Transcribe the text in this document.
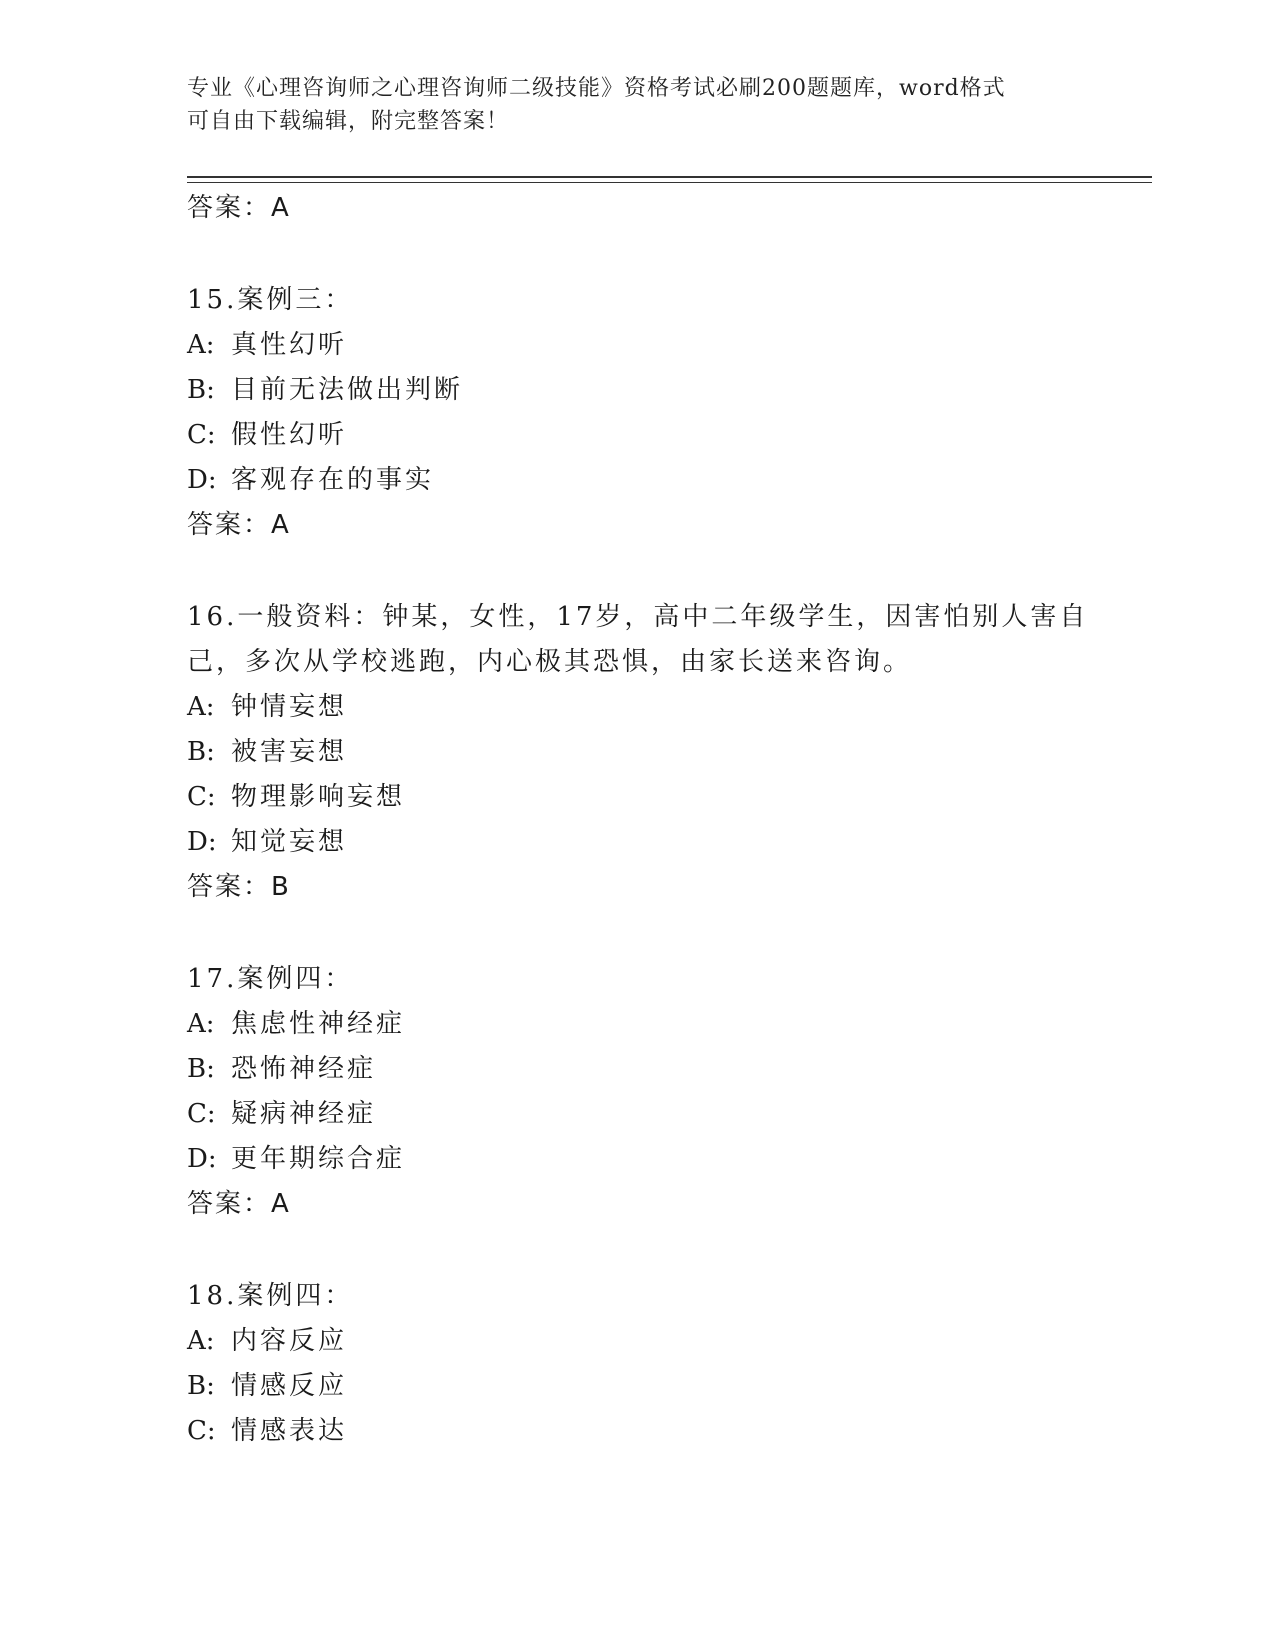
专业《心理咨询师之心理咨询师二级技能》资格考试必刷200题题库，word格式
可自由下载编辑，附完整答案！
答案：A
15.案例三：
A: 真性幻听
B: 目前无法做出判断
C: 假性幻听
D: 客观存在的事实
答案：A
16.一般资料：钟某，女性，17岁，高中二年级学生，因害怕别人害自
己，多次从学校逃跑，内心极其恐惧，由家长送来咨询。
A: 钟情妄想
B: 被害妄想
C: 物理影响妄想
D: 知觉妄想
答案：B
17.案例四：
A: 焦虑性神经症
B: 恐怖神经症
C: 疑病神经症
D: 更年期综合症
答案：A
18.案例四：
A: 内容反应
B: 情感反应
C: 情感表达
